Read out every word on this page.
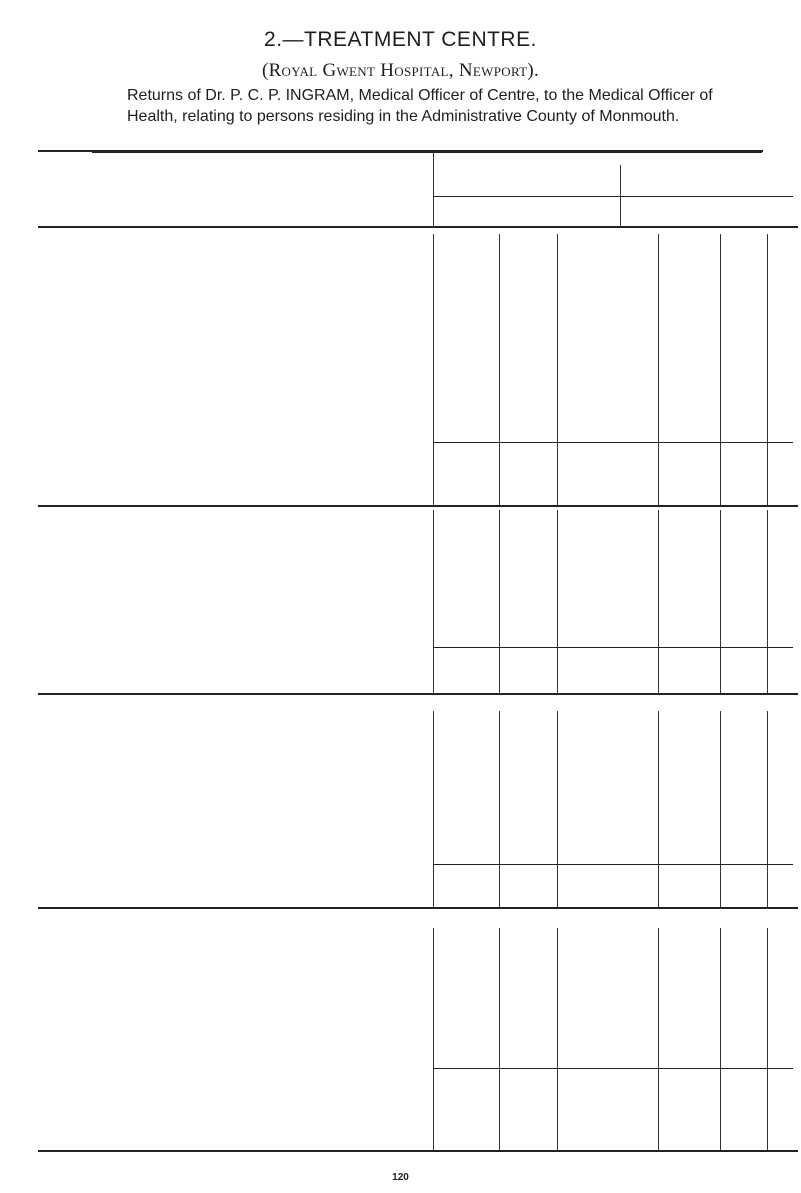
2.—TREATMENT CENTRE.
(Royal Gwent Hospital, Newport).
Returns of Dr. P. C. P. INGRAM, Medical Officer of Centre, to the Medical Officer of Health, relating to persons residing in the Administrative County of Monmouth.
120
